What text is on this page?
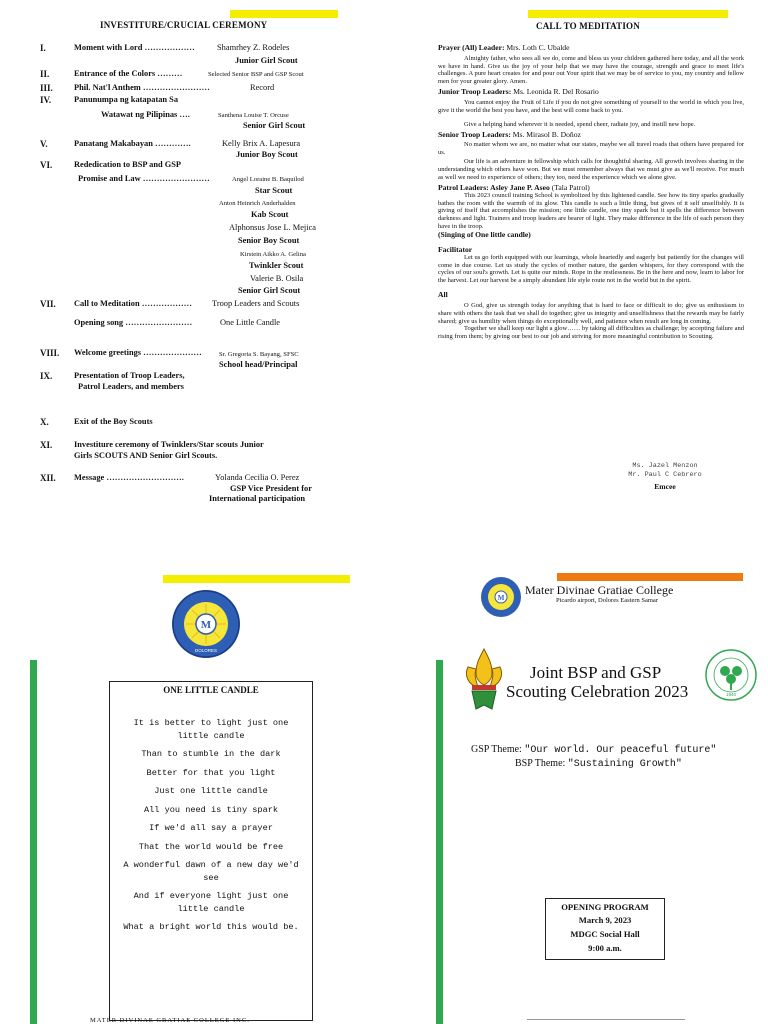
INVESTITURE/CRUCIAL CEREMONY
I.	Moment with Lord ………………	Shamrhey Z. Rodeles
Junior Girl Scout
II.	Entrance of the Colors ………	Selected Senior BSP and GSP Scout
III.	Phil. Nat'l Anthem ……………………	Record
IV.	Panunumpa ng katapatan Sa
Watawat ng Pilipinas ….	Santhena Louise T. Orcuse
Senior Girl Scout
V.	Panatang Makabayan ………….	Kelly Brix A. Lapesura
Junior Boy Scout
VI.	Rededication to BSP and GSP
Promise and Law ……………………	Angel Loraine B. Baquilod
Star Scout
Anton Heinrich Anderhalden
Kab Scout
Alphonsus Jose L. Mejica
Senior Boy Scout
Kirstein Aikko A. Gelina
Twinkler Scout
Valerie B. Osila
Senior Girl Scout
VII. Call to Meditation ……………… Troop Leaders and Scouts
Opening song ……………………	One Little Candle
VIII. Welcome greetings …………………	Sr. Gregoria S. Bayang, SFSC
School head/Principal
IX.	Presentation of Troop Leaders,
Patrol Leaders, and members
X.	Exit of the Boy Scouts
XI.	Investiture ceremony of Twinklers/Star scouts Junior
Girls SCOUTS AND Senior Girl Scouts.
XII. Message ……………………….	Yolanda Cecilia O. Perez
GSP Vice President for
International participation
CALL TO MEDITATION

Prayer (All) Leader: Mrs. Loth C. Ubalde

Almighty father, who sees all we do, come and bless us your children gathered here today, and all the work we have in hand. Give us the joy of your help that we may have the courage, strength and grace to meet life's challenges. A pure heart creates for and pour out Your spirit that we may be of service to you, my country and fellow men for your greater glory. Amen.

Junior Troop Leaders: Ms. Leonida R. Del Rosario

You cannot enjoy the Fruit of Life if you do not give something of yourself to the world in which you live, give it the world the best you have, and the best will come back to you.

Give a helping hand wherever it is needed, spend cheer, radiate joy, and instill new hope.

Senior Troop Leaders: Ms. Mirasol B. Doñoz

No matter whom we are, no matter what our states, maybe we all travel roads that others have prepared for us.

Our life is an adventure in fellowship which calls for thoughtful sharing. All growth involves sharing in the understanding which others have won. But we must remember always that we must give as we'll receive. For much as well we need to experience of others; they too, need the experience which we alone give.

Patrol Leaders: Asley Jane P. Aseo (Tala Patrol)

This 2023 council training School is symbolized by this lightened candle. See how its tiny sparks gradually bathes the room with the warmth of its glow. This candle is such a little thing, but gives of it self unselfishly. It is giving of itself that accomplishes the mission; one little candle, one tiny spark but it spells the difference between darkness and light. Trainers and troop leaders are bearer of light. They make difference in the life of each person they have in the troop.

(Singing of One little candle)

Facilitator

Let us go forth equipped with our learnings, whole heartedly and eagerly but patiently for the changes will come in due course. Let us study the cycles of mother nature, the garden whispers, for they correspond with the cycles of our soul's growth. Let is quite our minds. Rope in the restlessness. Be in the here and now, learn to labor for the harvest. Let our harvest be a simply abundant life style route not in the world but in the spirit.

All

O God, give us strength today for anything that is hard to face or difficult to do; give us enthusiasm to share with others the task that we shall do together; give us integrity and unselfishness that the rewards may be fairly shared; give us humility when things do exceptionally well, and patience when result are long in coming.

Together we shall keep our light a glow…… by taking all difficulties as challenge; by accepting failure and rising from them; by giving our best to our job and striving for more meaningful contribution to Scouting.

Ms. Jazel Menzon
Mr. Paul C Cebrero
Emcee
M
DOLORES
ONE LITTLE CANDLE
It is better to light just one little candle
Than to stumble in the dark
Better for that you light
Just one little candle
All you need is tiny spark
If we'd all say a prayer
That the world would be free
A wonderful dawn of a new day we'd see
And if everyone light just one little candle
What a bright world this would be.
MATER DIVINAE GRATIAE COLLEGE INC.
M
Mater Divinae Gratiae College
Picardo airport, Dolores Eastern Samar
Joint BSP and GSP
Scouting Celebration 2023	1940
GSP Theme: "Our world. Our peaceful future"
BSP Theme: "Sustaining Growth"
OPENING PROGRAM
March 9, 2023
MDGC Social Hall
9:00 a.m.
